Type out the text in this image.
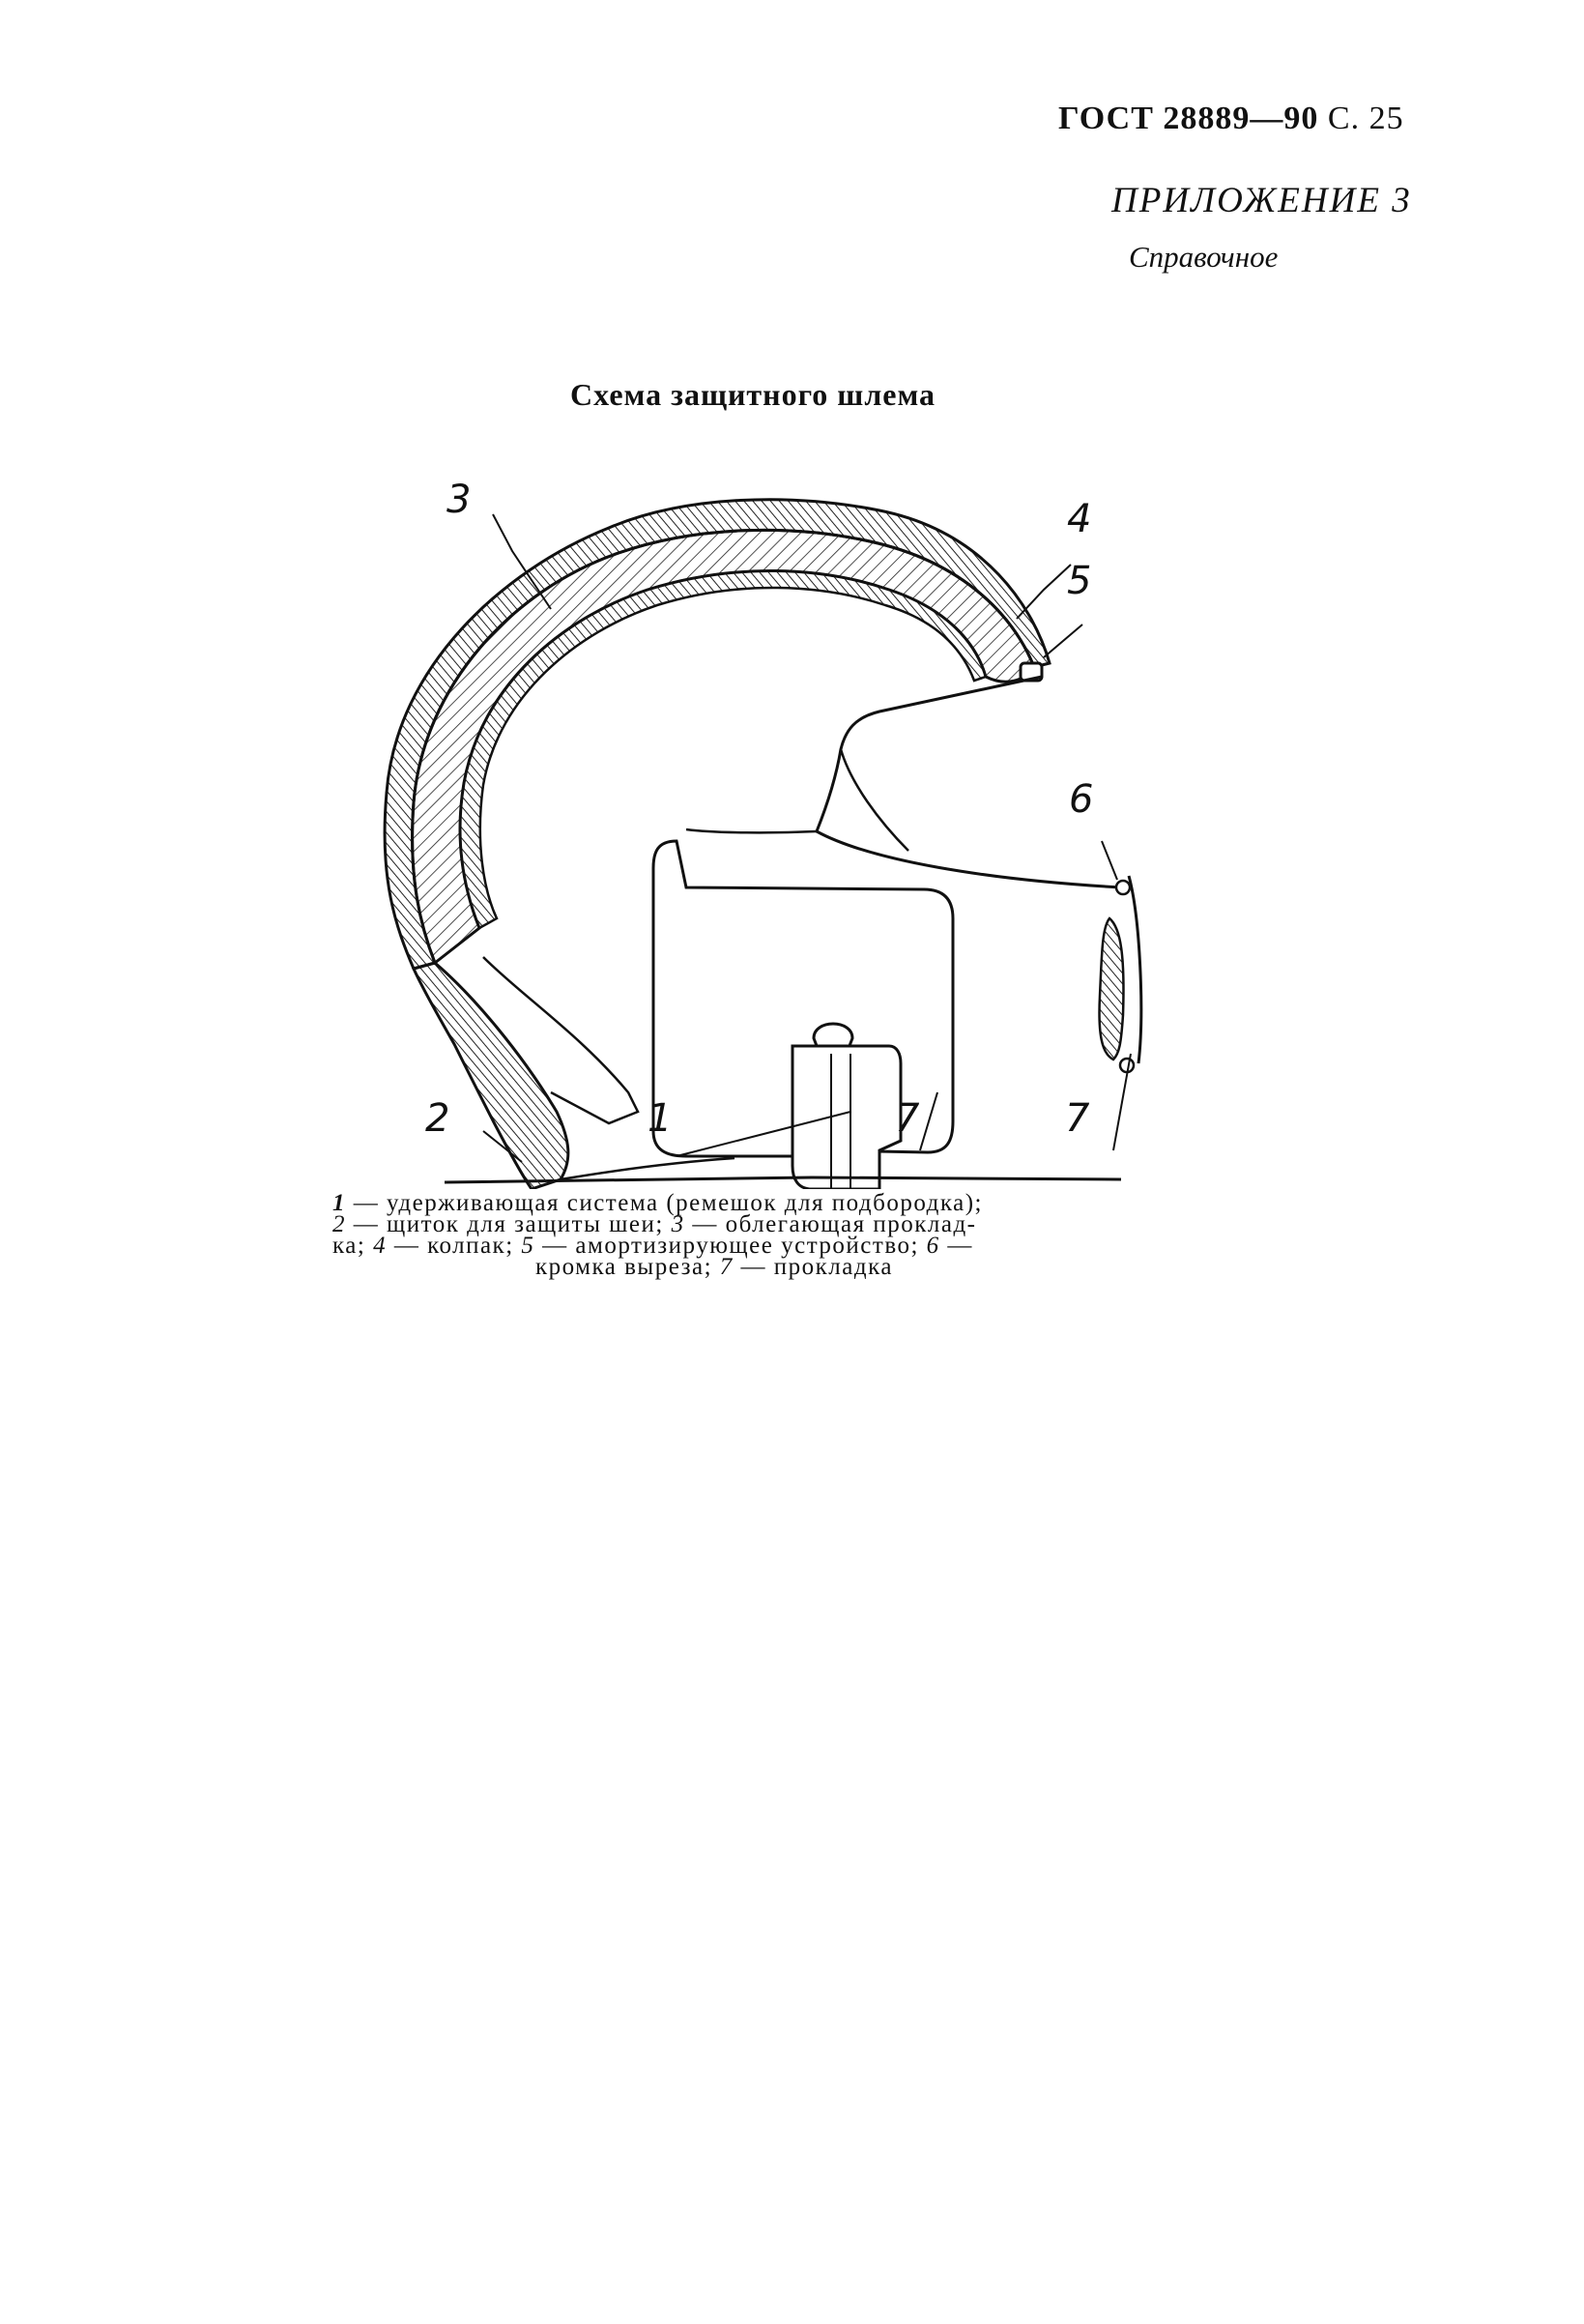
ГОСТ 28889—90 С. 25
ПРИЛОЖЕНИЕ 3
Справочное
Схема защитного шлема
3	4
5
6
2	1	7	7
1 — удерживающая система (ремешок для подбородка);
2 — щиток для защиты шеи; 3 — облегающая проклад-
ка; 4 — колпак; 5 — амортизирующее устройство; 6 —
кромка выреза; 7 — прокладка
